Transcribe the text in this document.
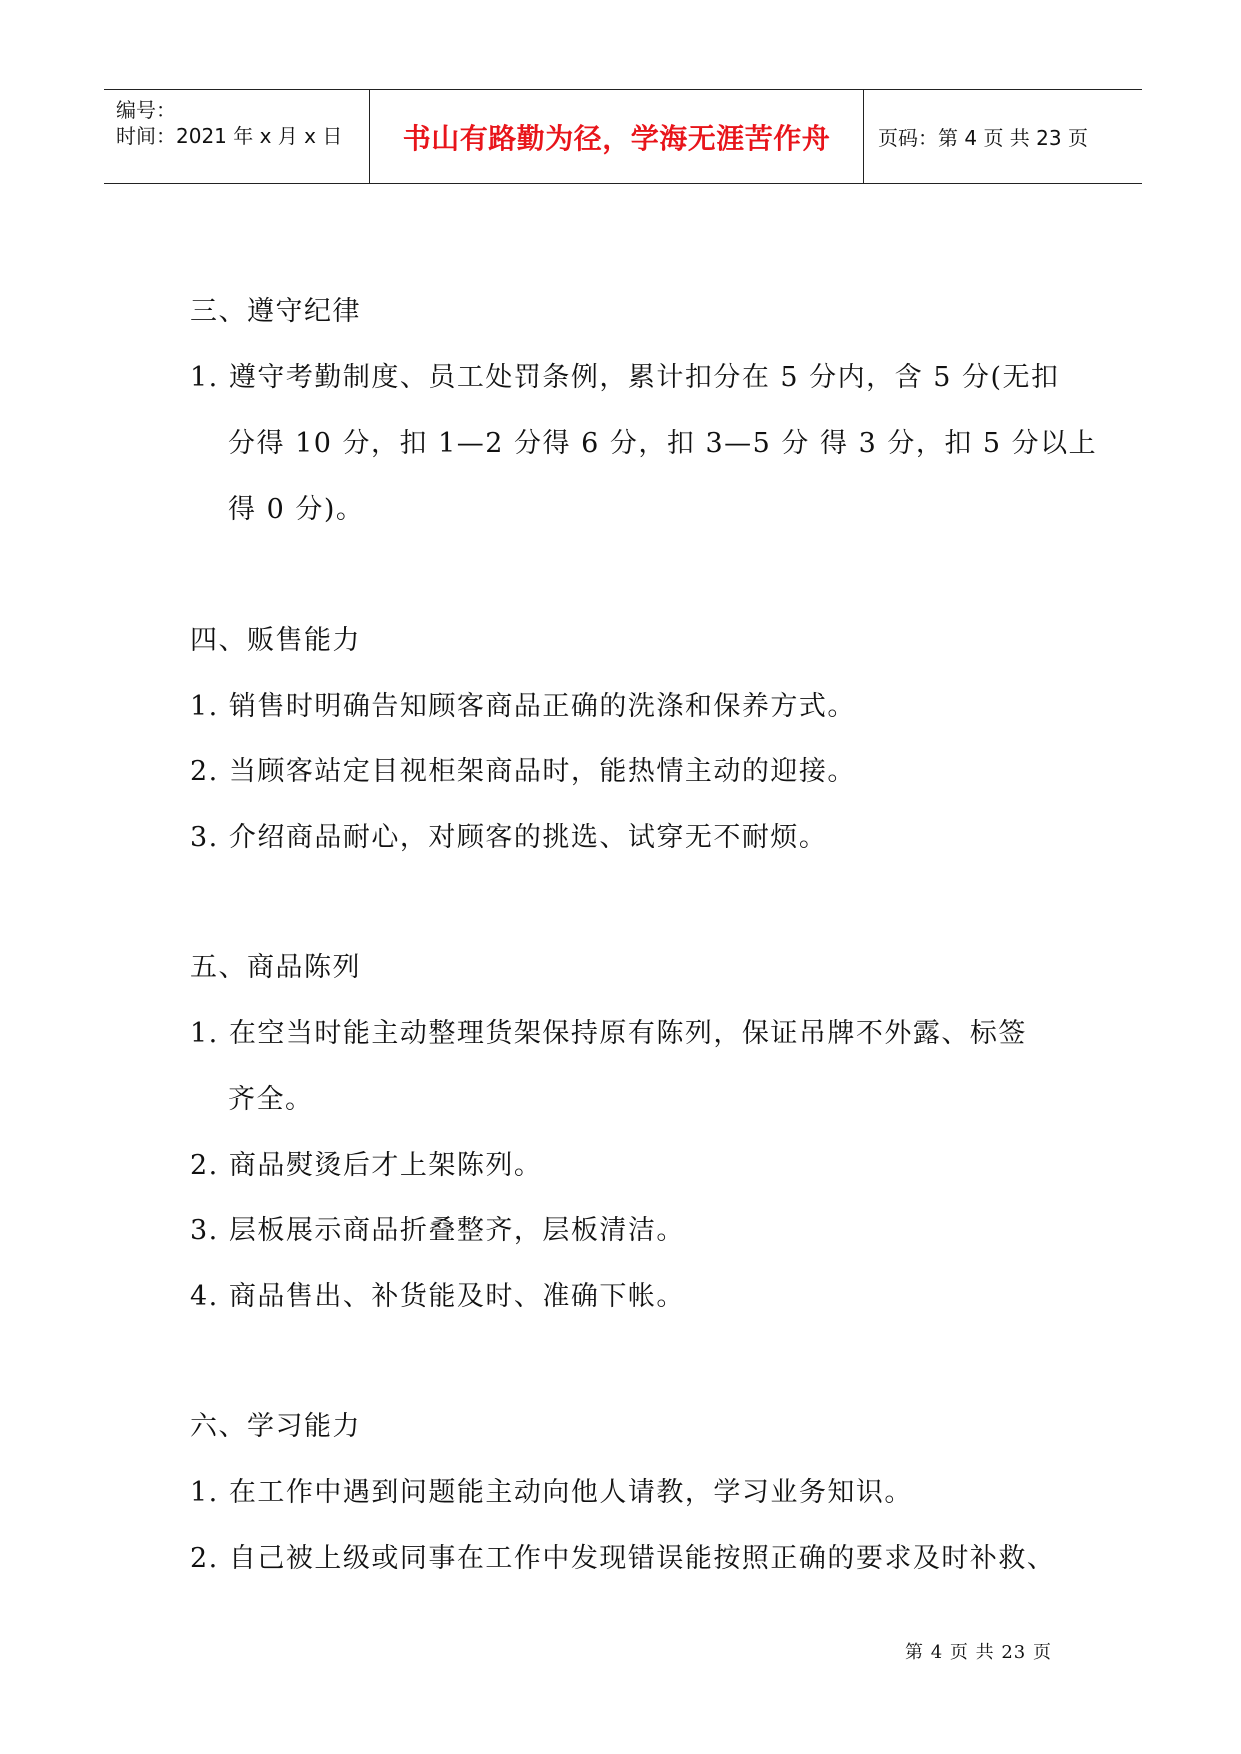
编号：
时间：2021 年 x 月 x 日 书山有路勤为径，学海无涯苦作舟 页码：第 4 页 共 23 页
三、遵守纪律
1. 遵守考勤制度、员工处罚条例，累计扣分在 5 分内，含 5 分(无扣
分得 10 分，扣 1—2 分得 6 分，扣 3—5 分 得 3 分，扣 5 分以上
得 0 分)。
四、贩售能力
1. 销售时明确告知顾客商品正确的洗涤和保养方式。
2. 当顾客站定目视柜架商品时，能热情主动的迎接。
3. 介绍商品耐心，对顾客的挑选、试穿无不耐烦。
五、商品陈列
1. 在空当时能主动整理货架保持原有陈列，保证吊牌不外露、标签
齐全。
2. 商品熨烫后才上架陈列。
3. 层板展示商品折叠整齐，层板清洁。
4. 商品售出、补货能及时、准确下帐。
六、学习能力
1. 在工作中遇到问题能主动向他人请教，学习业务知识。
2. 自己被上级或同事在工作中发现错误能按照正确的要求及时补救、
第 4 页 共 23 页
